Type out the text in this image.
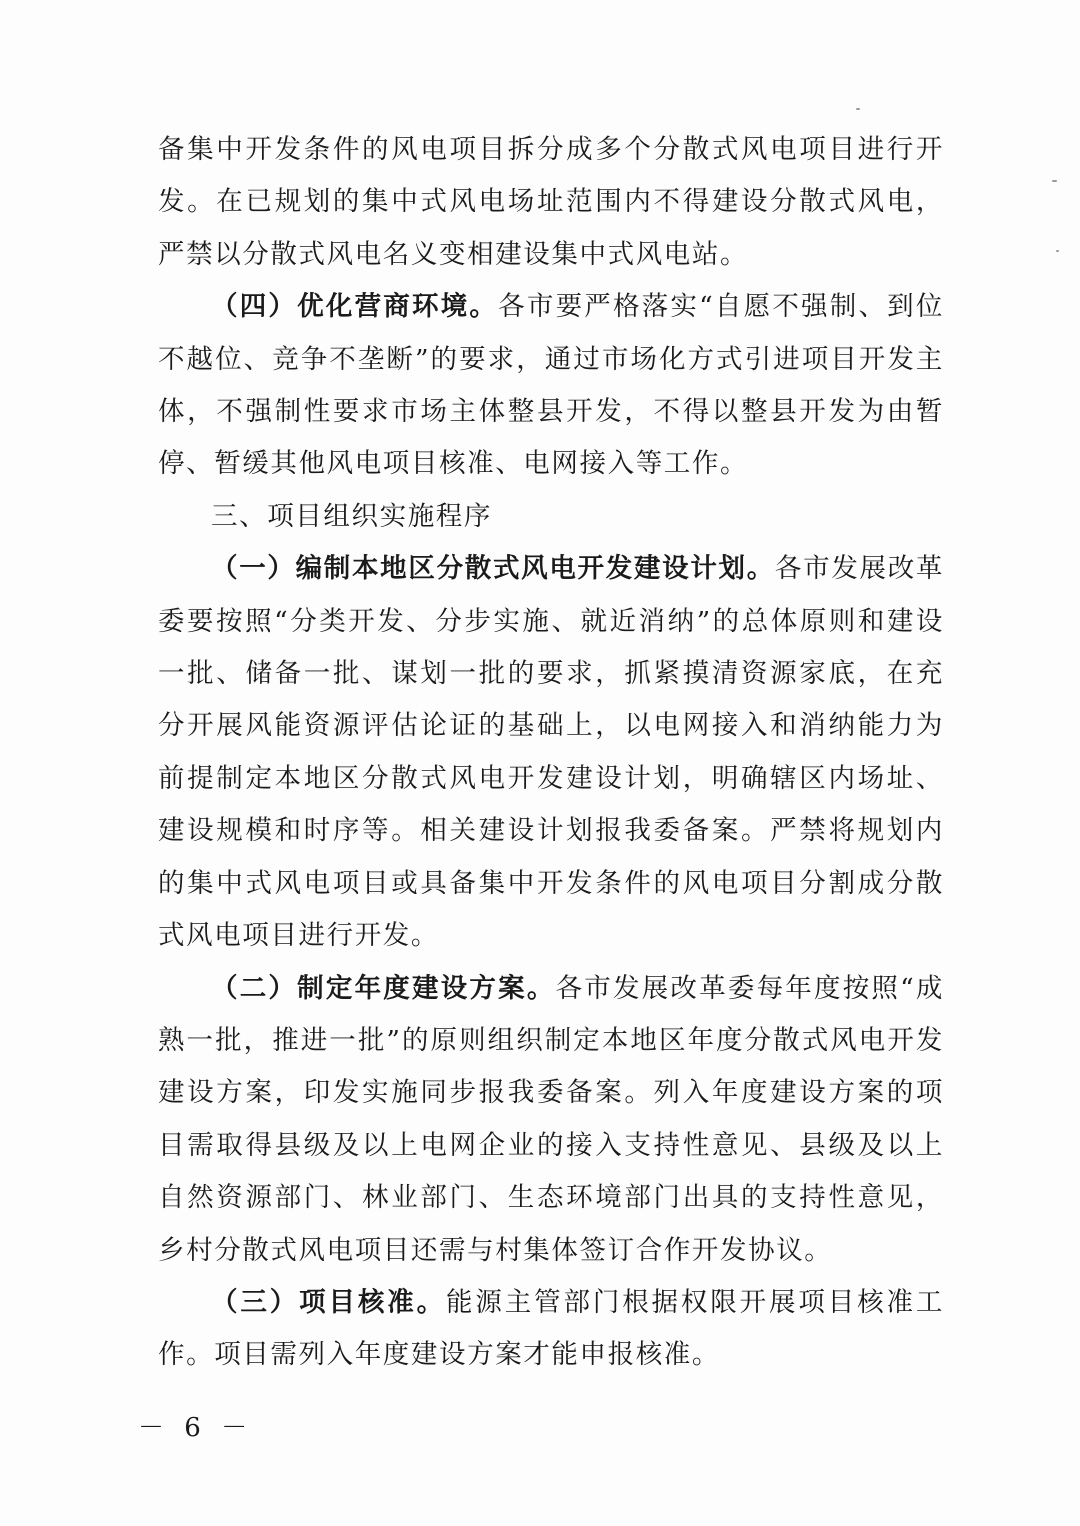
备集中开发条件的风电项目拆分成多个分散式风电项目进行开发。在已规划的集中式风电场址范围内不得建设分散式风电，严禁以分散式风电名义变相建设集中式风电站。

（四）优化营商环境。各市要严格落实“自愿不强制、到位不越位、竞争不垄断”的要求，通过市场化方式引进项目开发主体，不强制性要求市场主体整县开发，不得以整县开发为由暂停、暂缓其他风电项目核准、电网接入等工作。

三、项目组织实施程序

（一）编制本地区分散式风电开发建设计划。各市发展改革委要按照“分类开发、分步实施、就近消纳”的总体原则和建设一批、储备一批、谋划一批的要求，抓紧摸清资源家底，在充分开展风能资源评估论证的基础上，以电网接入和消纳能力为前提制定本地区分散式风电开发建设计划，明确辖区内场址、建设规模和时序等。相关建设计划报我委备案。严禁将规划内的集中式风电项目或具备集中开发条件的风电项目分割成分散式风电项目进行开发。

（二）制定年度建设方案。各市发展改革委每年度按照“成熟一批，推进一批”的原则组织制定本地区年度分散式风电开发建设方案，印发实施同步报我委备案。列入年度建设方案的项目需取得县级及以上电网企业的接入支持性意见、县级及以上自然资源部门、林业部门、生态环境部门出具的支持性意见，乡村分散式风电项目还需与村集体签订合作开发协议。

（三）项目核准。能源主管部门根据权限开展项目核准工作。项目需列入年度建设方案才能申报核准。

－ 6 －
